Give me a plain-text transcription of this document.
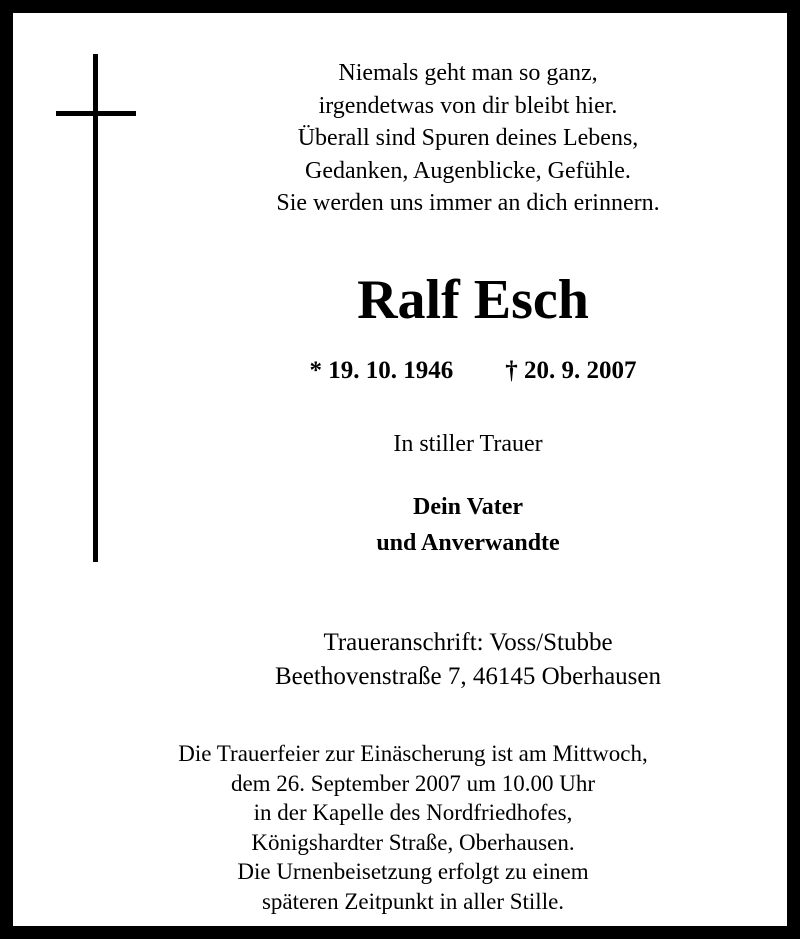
Niemals geht man so ganz,
irgendetwas von dir bleibt hier.
Überall sind Spuren deines Lebens,
Gedanken, Augenblicke, Gefühle.
Sie werden uns immer an dich erinnern.
Ralf Esch
* 19. 10. 1946 † 20. 9. 2007
In stiller Trauer
Dein Vater
und Anverwandte
Traueranschrift: Voss/Stubbe
Beethovenstraße 7, 46145 Oberhausen
Die Trauerfeier zur Einäscherung ist am Mittwoch,
dem 26. September 2007 um 10.00 Uhr
in der Kapelle des Nordfriedhofes,
Königshardter Straße, Oberhausen.
Die Urnenbeisetzung erfolgt zu einem
späteren Zeitpunkt in aller Stille.
